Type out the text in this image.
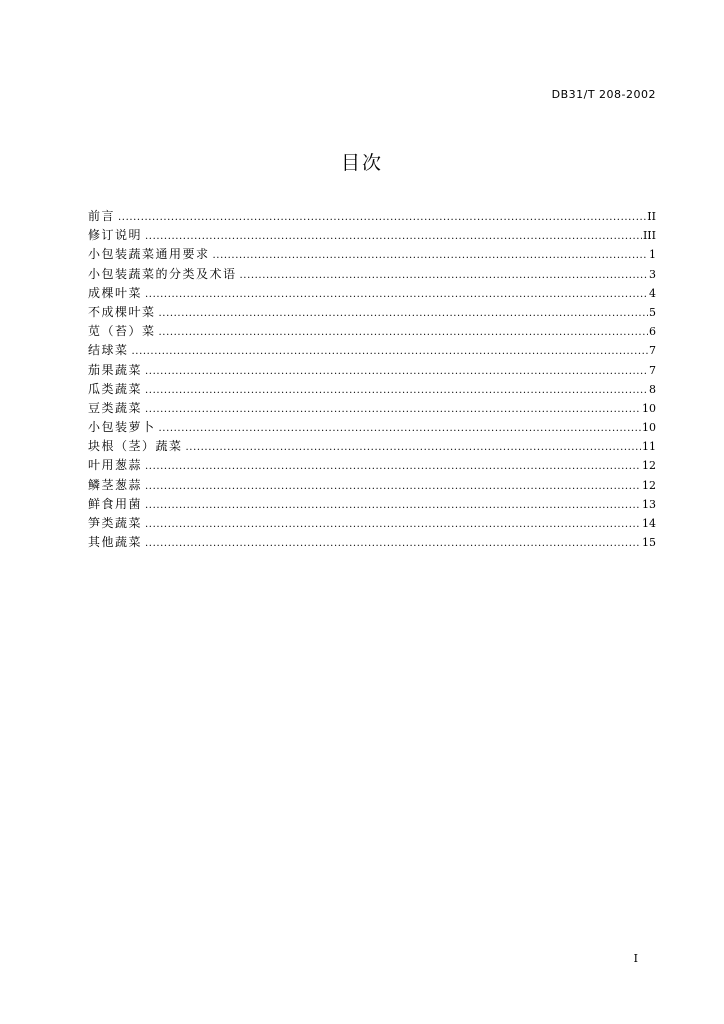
DB31/T 208-2002
目次
前言 .....	II
修订说明 .....	III
小包装蔬菜通用要求 .....	1
小包装蔬菜的分类及术语 .....	3
成棵叶菜 .....	4
不成棵叶菜 .....	5
苋（苔）菜 .....	6
结球菜 .....	7
茄果蔬菜 .....	7
瓜类蔬菜 .....	8
豆类蔬菜 .....	10
小包装萝卜 .....	10
块根（茎）蔬菜 .....	11
叶用葱蒜 .....	12
鳞茎葱蒜 .....	12
鲜食用菌 .....	13
笋类蔬菜 .....	14
其他蔬菜 .....	15
I
